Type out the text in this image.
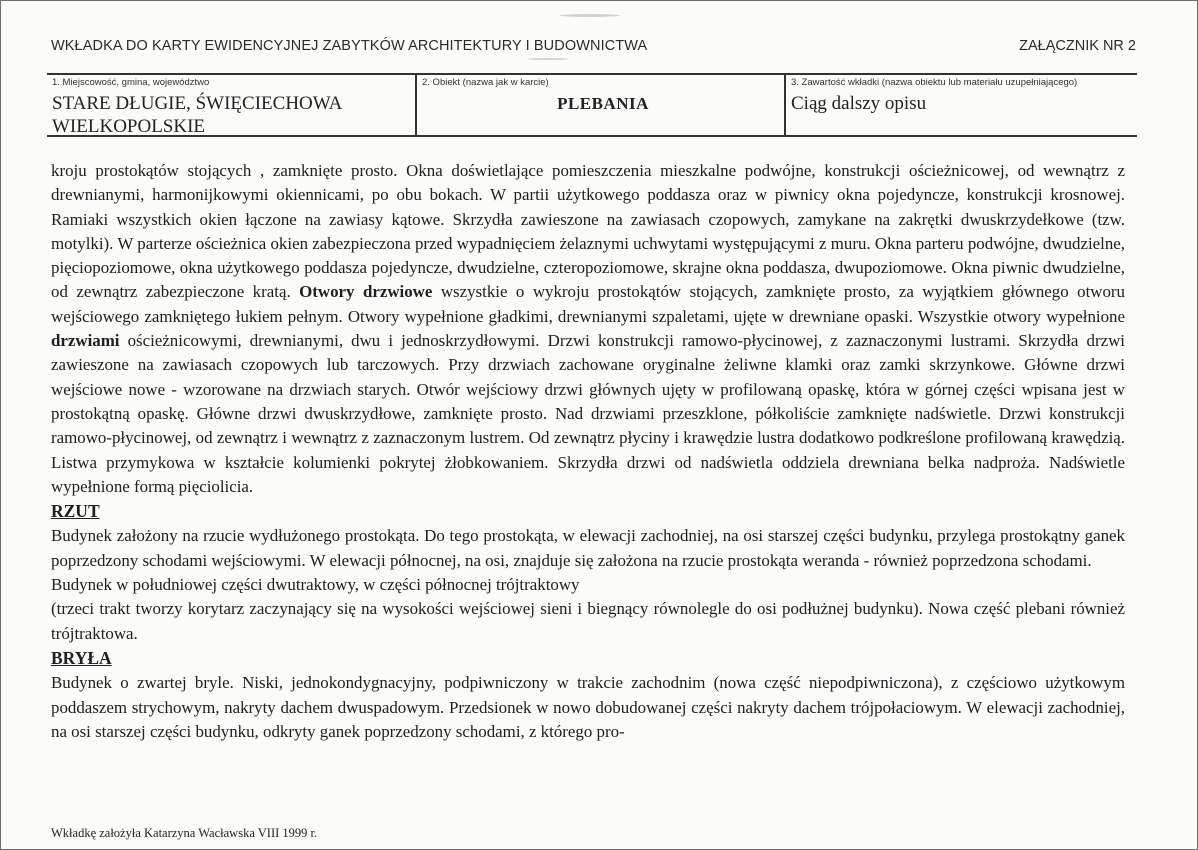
WKŁADKA DO KARTY EWIDENCYJNEJ ZABYTKÓW ARCHITEKTURY I BUDOWNICTWA	ZAŁĄCZNIK NR 2
1. Miejscowość, gmina, województwo
STARE DŁUGIE, ŚWIĘCIECHOWA
WIELKOPOLSKIE
2. Obiekt (nazwa jak w karcie)
PLEBANIA
3. Zawartość wkładki (nazwa obiektu lub materiału uzupełniającego)
Ciąg dalszy opisu

kroju prostokątów stojących , zamknięte prosto. Okna doświetlające pomieszczenia mieszkalne podwójne, konstrukcji ościeżnicowej, od wewnątrz z drewnianymi, harmonijkowymi okiennicami, po obu bokach. W partii użytkowego poddasza oraz w piwnicy okna pojedyncze, konstrukcji krosnowej. Ramiaki wszystkich okien łączone na zawiasy kątowe. Skrzydła zawieszone na zawiasach czopowych, zamykane na zakrętki dwuskrzydełkowe (tzw. motylki). W parterze ościeżnica okien zabezpieczona przed wypadnięciem żelaznymi uchwytami występującymi z muru. Okna parteru podwójne, dwudzielne, pięciopoziomowe, okna użytkowego poddasza pojedyncze, dwudzielne, czteropoziomowe, skrajne okna poddasza, dwupoziomowe. Okna piwnic dwudzielne, od zewnątrz zabezpieczone kratą. Otwory drzwiowe wszystkie o wykroju prostokątów stojących, zamknięte prosto, za wyjątkiem głównego otworu wejściowego zamkniętego łukiem pełnym. Otwory wypełnione gładkimi, drewnianymi szpaletami, ujęte w drewniane opaski. Wszystkie otwory wypełnione drzwiami ościeżnicowymi, drewnianymi, dwu i jednoskrzydłowymi. Drzwi konstrukcji ramowo-płycinowej, z zaznaczonymi lustrami. Skrzydła drzwi zawieszone na zawiasach czopowych lub tarczowych. Przy drzwiach zachowane oryginalne żeliwne klamki oraz zamki skrzynkowe. Główne drzwi wejściowe nowe - wzorowane na drzwiach starych. Otwór wejściowy drzwi głównych ujęty w profilowaną opaskę, która w górnej części wpisana jest w prostokątną opaskę. Główne drzwi dwuskrzydłowe, zamknięte prosto. Nad drzwiami przeszklone, półkoliście zamknięte nadświetle. Drzwi konstrukcji ramowo-płycinowej, od zewnątrz i wewnątrz z zaznaczonym lustrem. Od zewnątrz płyciny i krawędzie lustra dodatkowo podkreślone profilowaną krawędzią. Listwa przymykowa w kształcie kolumienki pokrytej żłobkowaniem. Skrzydła drzwi od nadświetla oddziela drewniana belka nadproża. Nadświetle wypełnione formą pięciolicia.

RZUT

Budynek założony na rzucie wydłużonego prostokąta. Do tego prostokąta, w elewacji zachodniej, na osi starszej części budynku, przylega prostokątny ganek poprzedzony schodami wejściowymi. W elewacji północnej, na osi, znajduje się założona na rzucie prostokąta weranda - również poprzedzona schodami.

Budynek w południowej części dwutraktowy, w części północnej trójtraktowy

(trzeci trakt tworzy korytarz zaczynający się na wysokości wejściowej sieni i biegnący równolegle do osi podłużnej budynku). Nowa część plebani również trójtraktowa.

BRYŁA

Budynek o zwartej bryle. Niski, jednokondygnacyjny, podpiwniczony w trakcie zachodnim (nowa część niepodpiwniczona), z częściowo użytkowym poddaszem strychowym, nakryty dachem dwuspadowym. Przedsionek w nowo dobudowanej części nakryty dachem trójpołaciowym. W elewacji zachodniej, na osi starszej części budynku, odkryty ganek poprzedzony schodami, z którego pro-

Wkładkę założyła Katarzyna Wacławska VIII 1999 r.
